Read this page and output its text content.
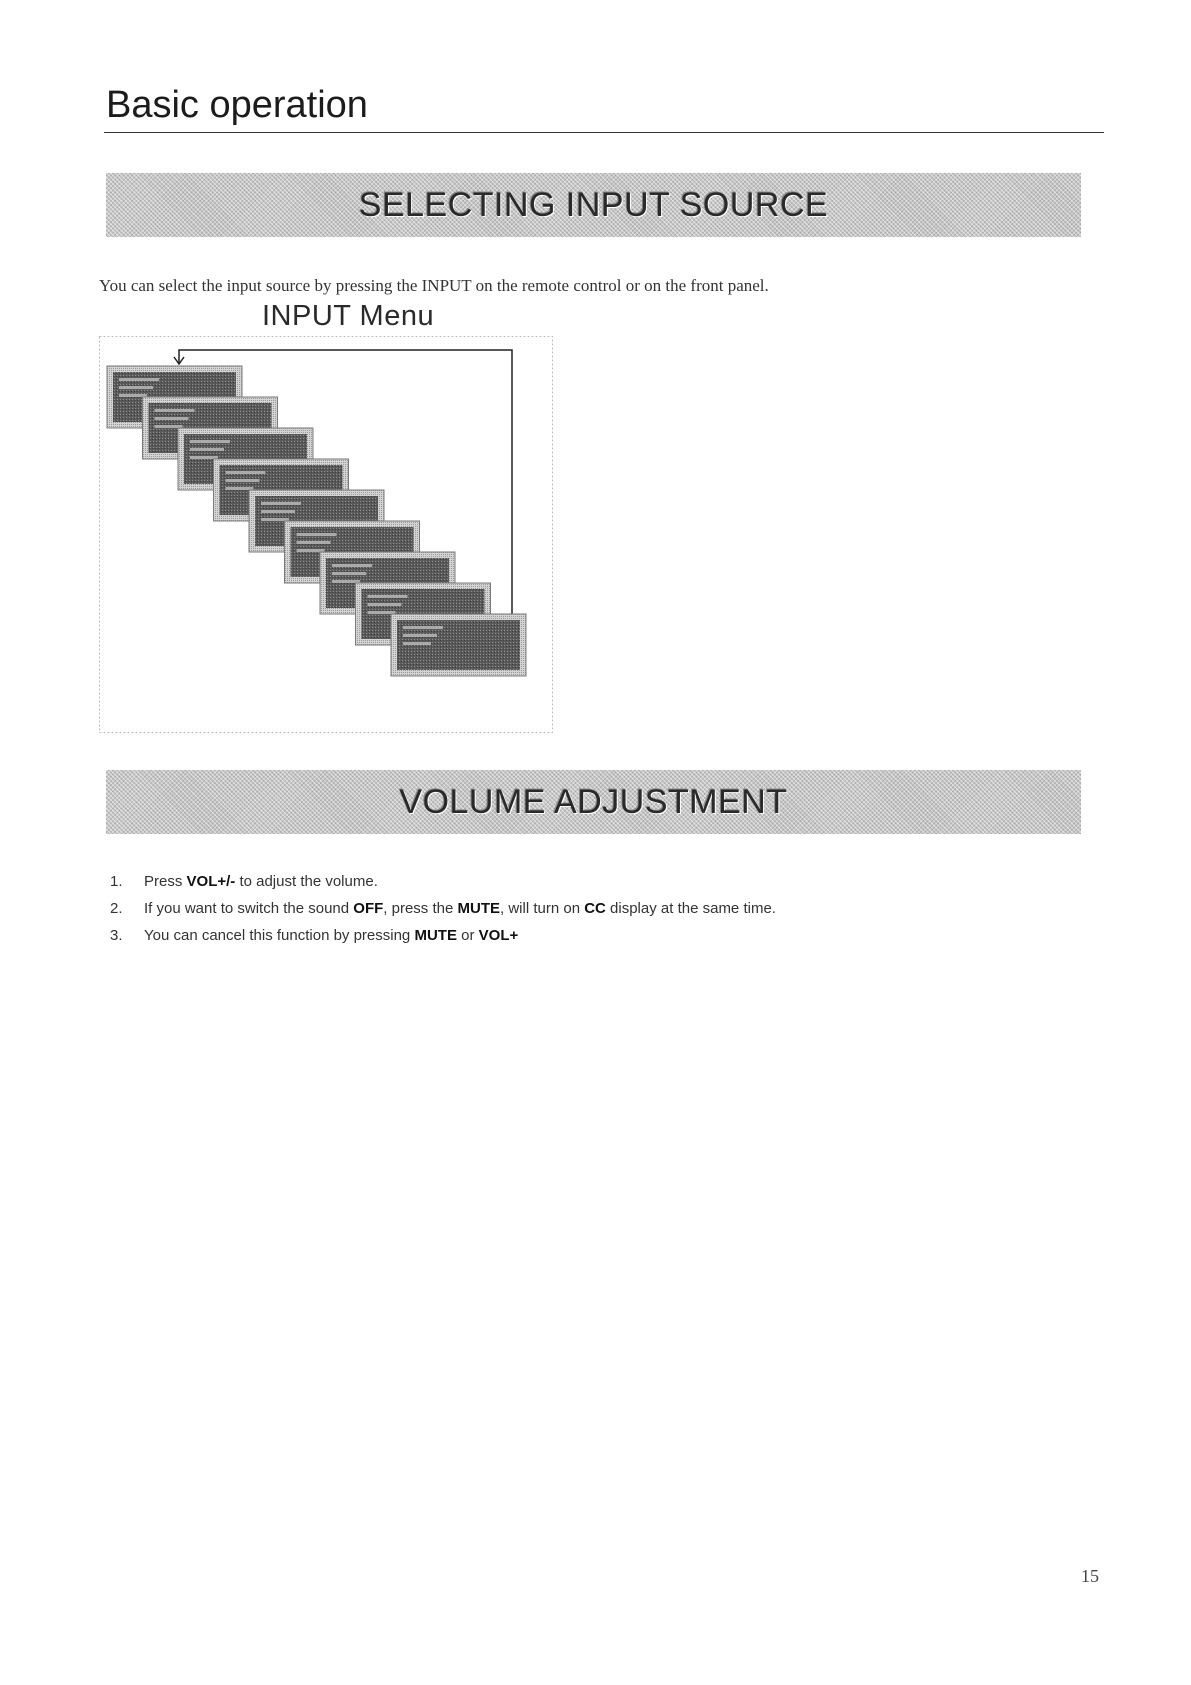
Basic operation
SELECTING INPUT SOURCE
You can select the input source by pressing the INPUT on the remote control or on the front panel.
INPUT Menu
VOLUME ADJUSTMENT
1. Press VOL+/- to adjust the volume.
2. If you want to switch the sound OFF, press the MUTE, will turn on CC display at the same time.
3. You can cancel this function by pressing MUTE or VOL+
15
